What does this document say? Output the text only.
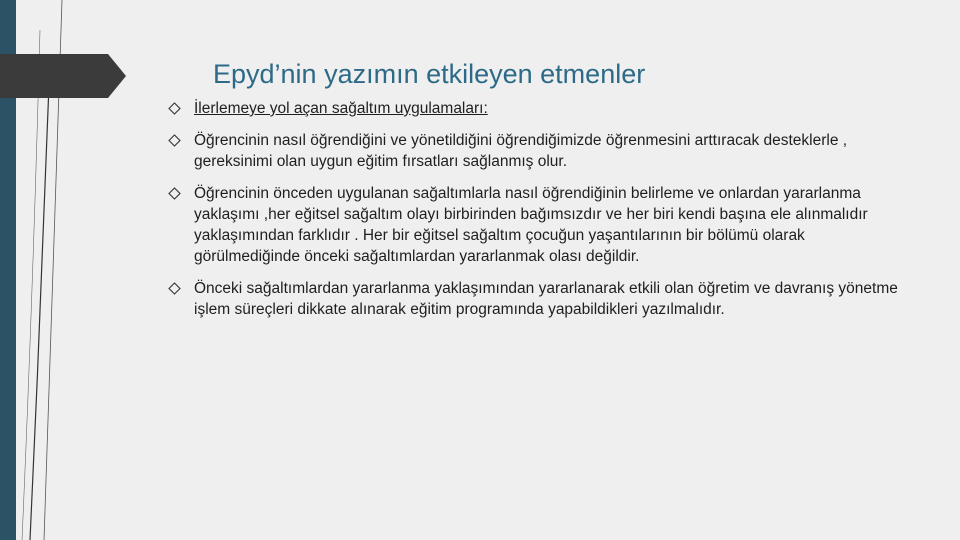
Epyd’nin yazımın etkileyen etmenler
İlerlemeye yol açan sağaltım uygulamaları:
Öğrencinin nasıl öğrendiğini ve yönetildiğini öğrendiğimizde öğrenmesini arttıracak desteklerle , gereksinimi olan uygun eğitim fırsatları sağlanmış olur.
Öğrencinin önceden uygulanan sağaltımlarla nasıl öğrendiğinin belirleme ve onlardan yararlanma yaklaşımı ,her eğitsel sağaltım olayı birbirinden bağımsızdır ve her biri kendi başına ele alınmalıdır yaklaşımından farklıdır . Her bir eğitsel sağaltım çocuğun yaşantılarının bir bölümü olarak görülmediğinde önceki sağaltımlardan yararlanmak olası değildir.
Önceki sağaltımlardan yararlanma yaklaşımından yararlanarak etkili olan öğretim ve davranış yönetme işlem süreçleri dikkate alınarak eğitim programında yapabildikleri yazılmalıdır.
